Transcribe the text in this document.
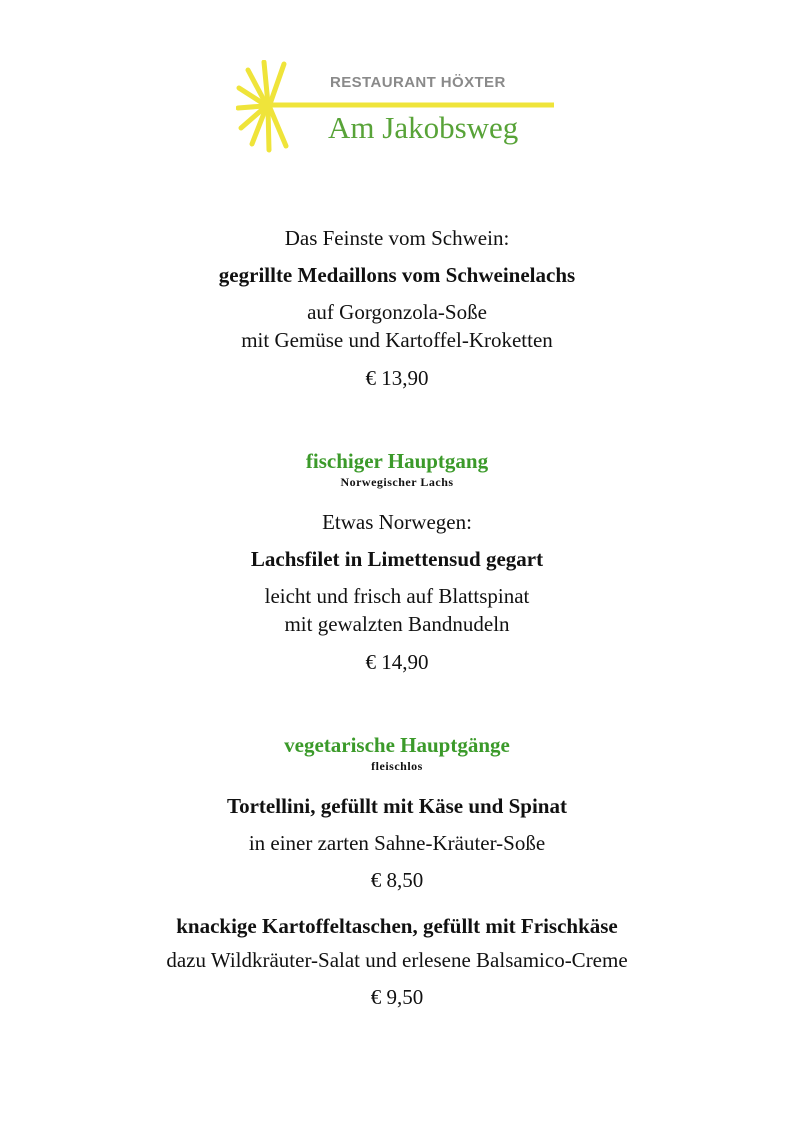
RESTAURANT HÖXTER
Am Jakobsweg

Das Feinste vom Schwein:

gegrillte Medaillons vom Schweinelachs

auf Gorgonzola-Soße

mit Gemüse und Kartoffel-Kroketten

€ 13,90

fischiger Hauptgang

Norwegischer Lachs

Etwas Norwegen:

Lachsfilet in Limettensud gegart

leicht und frisch auf Blattspinat

mit gewalzten Bandnudeln

€ 14,90

vegetarische Hauptgänge

fleischlos

Tortellini, gefüllt mit Käse und Spinat

in einer zarten Sahne-Kräuter-Soße

€ 8,50

knackige Kartoffeltaschen, gefüllt mit Frischkäse

dazu Wildkräuter-Salat und erlesene Balsamico-Creme

€ 9,50
